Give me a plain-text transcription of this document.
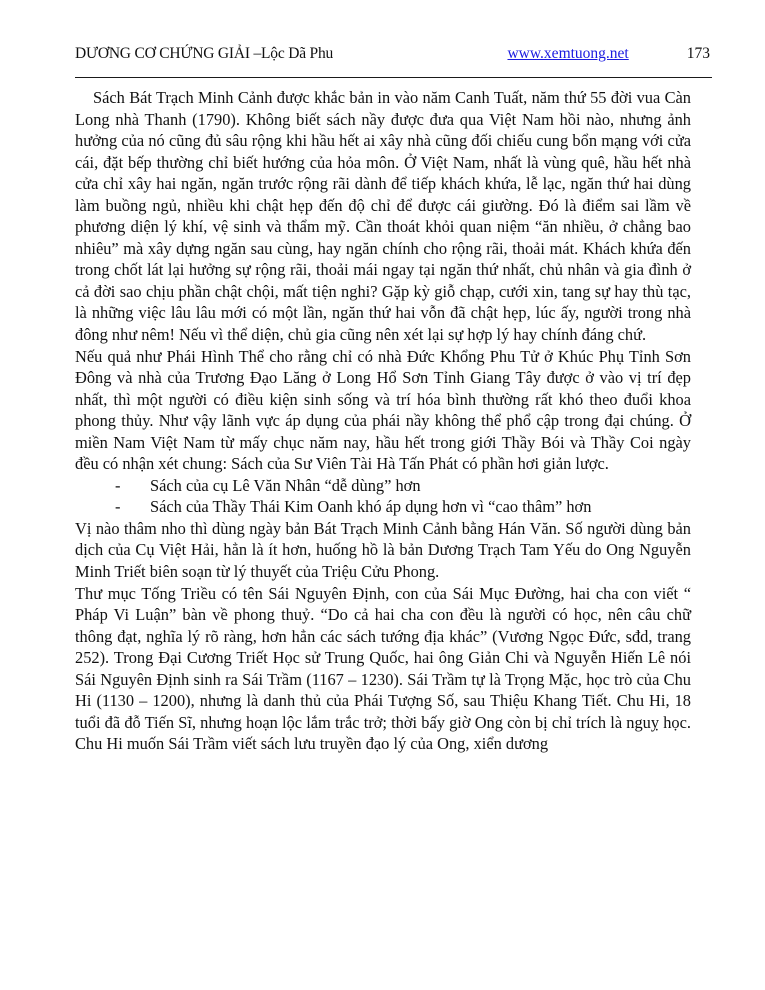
DƯƠNG CƠ CHỨNG GIẢI –Lộc Dã Phu	www.xemtuong.net	173

Sách Bát Trạch Minh Cảnh được khắc bản in vào năm Canh Tuất, năm thứ 55 đời vua Càn Long nhà Thanh (1790). Không biết sách nầy được đưa qua Việt Nam hồi nào, nhưng ảnh hưởng của nó cũng đủ sâu rộng khi hầu hết ai xây nhà cũng đối chiếu cung bổn mạng với cửa cái, đặt bếp thường chỉ biết hướng của hỏa môn. Ở Việt Nam, nhất là vùng quê, hầu hết nhà cửa chỉ xây hai ngăn, ngăn trước rộng rãi dành để tiếp khách khứa, lễ lạc, ngăn thứ hai dùng làm buồng ngủ, nhiều khi chật hẹp đến độ chỉ để được cái giường. Đó là điểm sai lầm về phương diện lý khí, vệ sinh và thẩm mỹ. Cần thoát khỏi quan niệm “ăn nhiều, ở chẳng bao nhiêu” mà xây dựng ngăn sau cùng, hay ngăn chính cho rộng rãi, thoải mát. Khách khứa đến trong chốt lát lại hưởng sự rộng rãi, thoải mái ngay tại ngăn thứ nhất, chủ nhân và gia đình ở cả đời sao chịu phần chật chội, mất tiện nghi? Gặp kỳ giỗ chạp, cưới xin, tang sự hay thù tạc, là những việc lâu lâu mới có một lần, ngăn thứ hai vỗn đã chật hẹp, lúc ấy, người trong nhà đông như nêm! Nếu vì thể diện, chủ gia cũng nên xét lại sự hợp lý hay chính đáng chứ.

Nếu quả như Phái Hình Thể cho rằng chỉ có nhà Đức Khổng Phu Tử ở Khúc Phụ Tỉnh Sơn Đông và nhà của Trương Đạo Lăng ở Long Hổ Sơn Tỉnh Giang Tây được ở vào vị trí đẹp nhất, thì một người có điều kiện sinh sống và trí hóa bình thường rất khó theo đuổi khoa phong thủy. Như vậy lãnh vực áp dụng của phái nầy không thể phổ cập trong đại chúng. Ở miền Nam Việt Nam từ mấy chục năm nay, hầu hết trong giới Thầy Bói và Thầy Coi ngày đều có nhận xét chung: Sách của Sư Viên Tài Hà Tấn Phát có phần hơi giản lược.

-	Sách của cụ Lê Văn Nhân “dễ dùng” hơn
-	Sách của Thầy Thái Kim Oanh khó áp dụng hơn vì “cao thâm” hơn

Vị nào thâm nho thì dùng ngày bản Bát Trạch Minh Cảnh bằng Hán Văn. Số người dùng bản dịch của Cụ Việt Hải, hẳn là ít hơn, huống hồ là bản Dương Trạch Tam Yếu do Ong Nguyễn Minh Triết biên soạn từ lý thuyết của Triệu Cửu Phong.

Thư mục Tống Triều có tên Sái Nguyên Định, con của Sái Mục Đường, hai cha con viết “ Pháp Vi Luận” bàn về phong thuỷ. “Do cả hai cha con đều là người có học, nên câu chữ thông đạt, nghĩa lý rõ ràng, hơn hẳn các sách tướng địa khác” (Vương Ngọc Đức, sđd, trang 252). Trong Đại Cương Triết Học sử Trung Quốc, hai ông Giản Chi và Nguyễn Hiến Lê nói Sái Nguyên Định sinh ra Sái Trầm (1167 – 1230). Sái Trầm tự là Trọng Mặc, học trò của Chu Hi (1130 – 1200), nhưng là danh thủ của Phái Tượng Số, sau Thiệu Khang Tiết. Chu Hi, 18 tuổi đã đỗ Tiến Sĩ, nhưng hoạn lộc lắm trắc trở; thời bấy giờ Ong còn bị chỉ trích là nguỵ học. Chu Hi muốn Sái Trầm viết sách lưu truyền đạo lý của Ong, xiển dương
